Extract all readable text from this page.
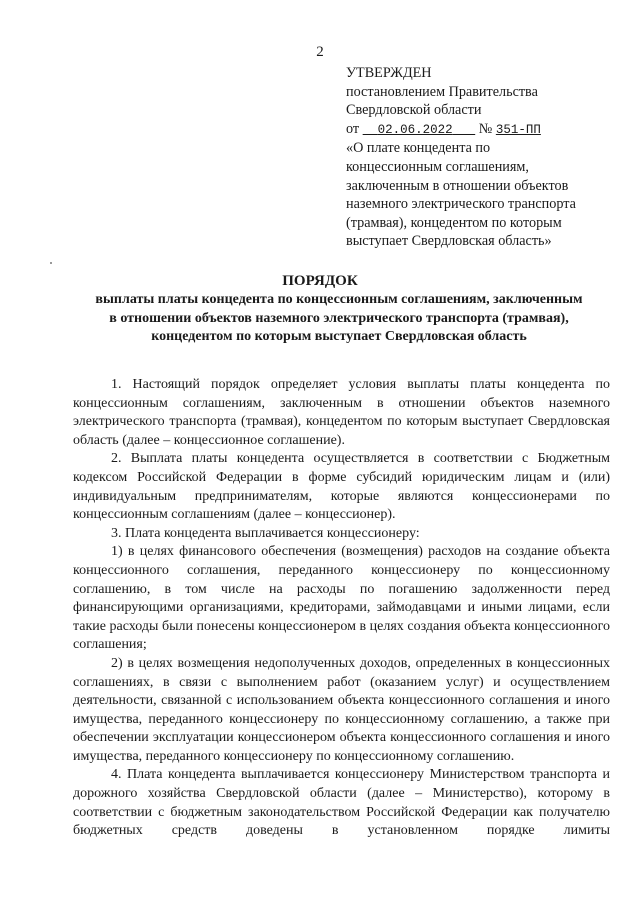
2
УТВЕРЖДЕН
постановлением Правительства
Свердловской области
от 02.06.2022 № 351-ПП
«О плате концедента по
концессионным соглашениям,
заключенным в отношении объектов
наземного электрического транспорта
(трамвая), концедентом по которым
выступает Свердловская область»
ПОРЯДОК
выплаты платы концедента по концессионным соглашениям, заключенным
в отношении объектов наземного электрического транспорта (трамвая),
концедентом по которым выступает Свердловская область

1. Настоящий порядок определяет условия выплаты платы концедента по концессионным соглашениям, заключенным в отношении объектов наземного электрического транспорта (трамвая), концедентом по которым выступает Свердловская область (далее – концессионное соглашение).

2. Выплата платы концедента осуществляется в соответствии с Бюджетным кодексом Российской Федерации в форме субсидий юридическим лицам и (или) индивидуальным предпринимателям, которые являются концессионерами по концессионным соглашениям (далее – концессионер).

3. Плата концедента выплачивается концессионеру:

1) в целях финансового обеспечения (возмещения) расходов на создание объекта концессионного соглашения, переданного концессионеру по концессионному соглашению, в том числе на расходы по погашению задолженности перед финансирующими организациями, кредиторами, займодавцами и иными лицами, если такие расходы были понесены концессионером в целях создания объекта концессионного соглашения;

2) в целях возмещения недополученных доходов, определенных в концессионных соглашениях, в связи с выполнением работ (оказанием услуг) и осуществлением деятельности, связанной с использованием объекта концессионного соглашения и иного имущества, переданного концессионеру по концессионному соглашению, а также при обеспечении эксплуатации концессионером объекта концессионного соглашения и иного имущества, переданного концессионеру по концессионному соглашению.

4. Плата концедента выплачивается концессионеру Министерством транспорта и дорожного хозяйства Свердловской области (далее – Министерство), которому в соответствии с бюджетным законодательством Российской Федерации как получателю бюджетных средств доведены в установленном порядке лимиты
